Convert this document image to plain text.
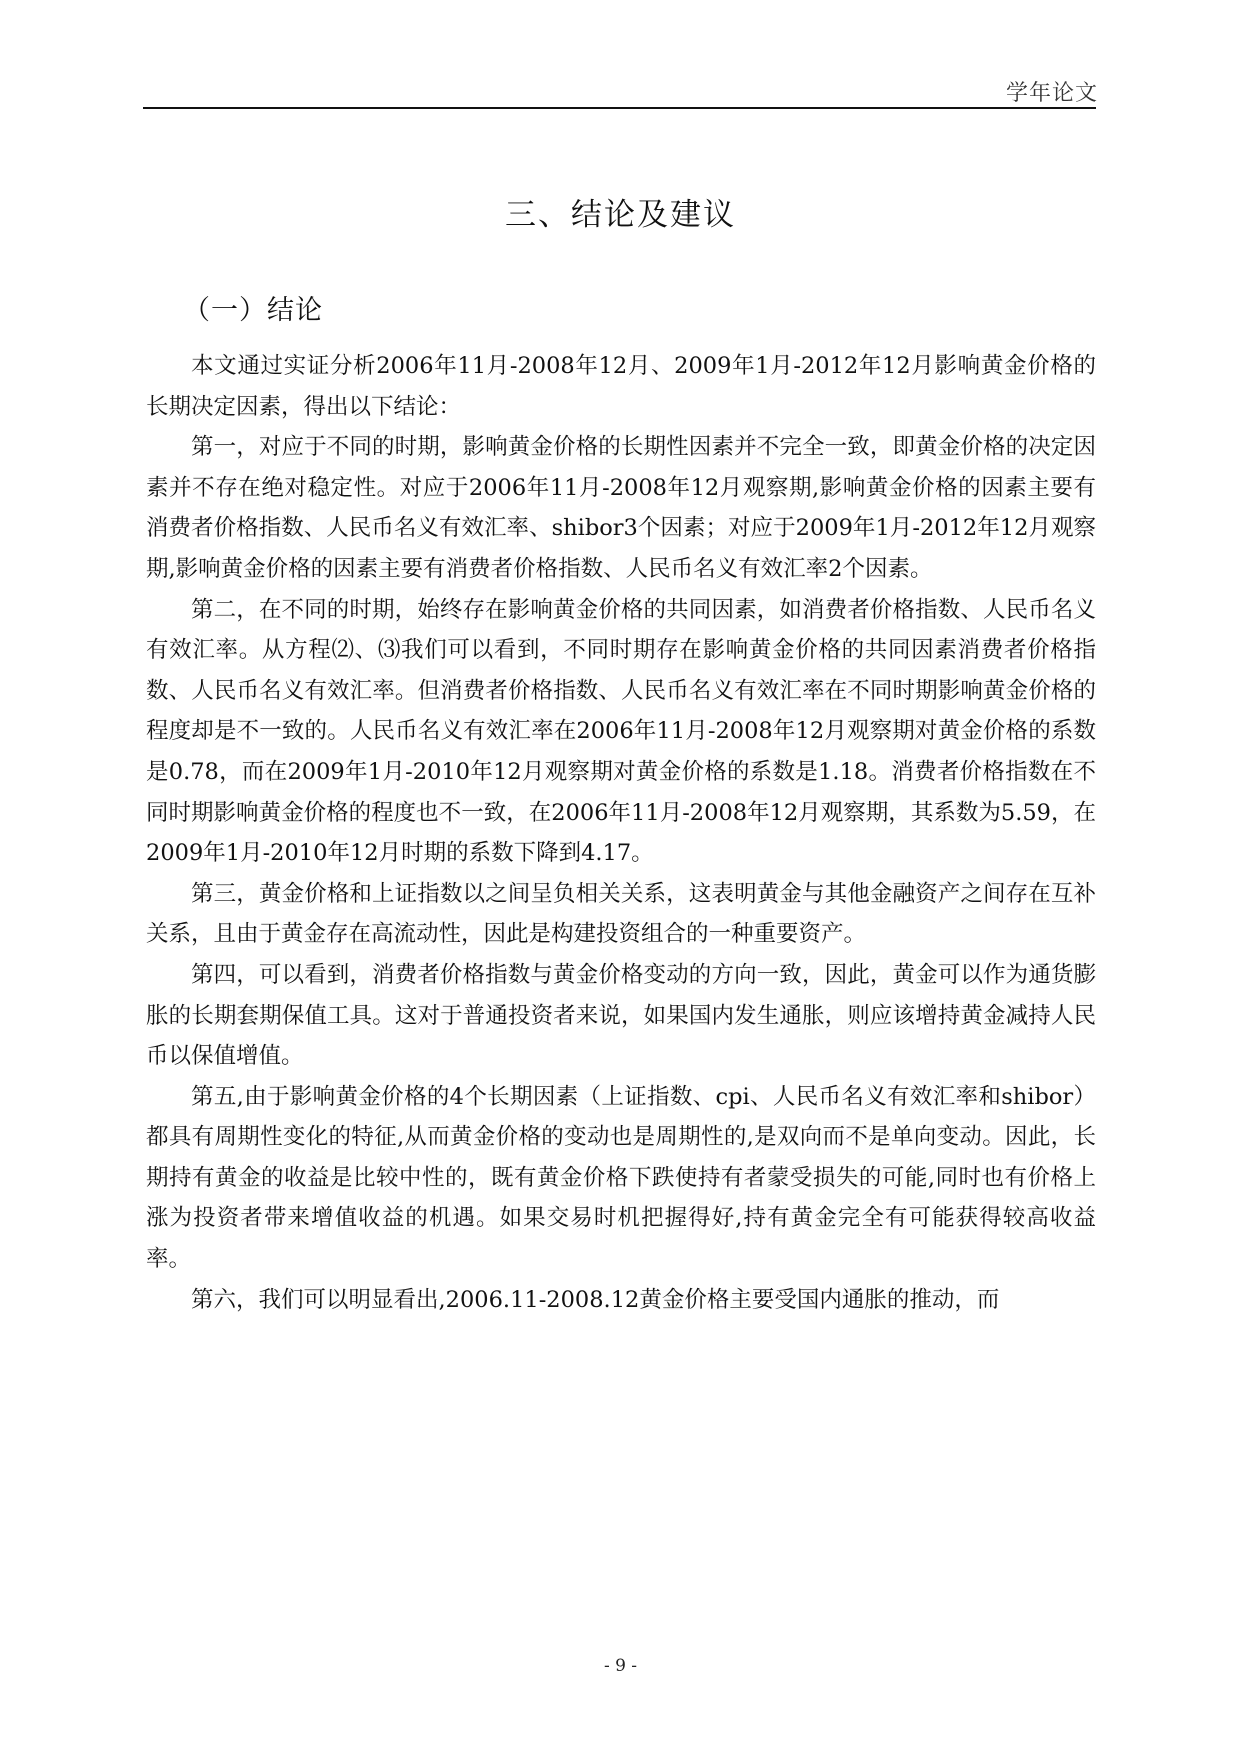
学年论文
三、结论及建议
（一）结论

本文通过实证分析2006年11月-2008年12月、2009年1月-2012年12月影响黄金价格的长期决定因素，得出以下结论：

第一，对应于不同的时期，影响黄金价格的长期性因素并不完全一致，即黄金价格的决定因素并不存在绝对稳定性。对应于2006年11月-2008年12月观察期,影响黄金价格的因素主要有消费者价格指数、人民币名义有效汇率、shibor3个因素；对应于2009年1月-2012年12月观察期,影响黄金价格的因素主要有消费者价格指数、人民币名义有效汇率2个因素。

第二，在不同的时期，始终存在影响黄金价格的共同因素，如消费者价格指数、人民币名义有效汇率。从方程⑵、⑶我们可以看到，不同时期存在影响黄金价格的共同因素消费者价格指数、人民币名义有效汇率。但消费者价格指数、人民币名义有效汇率在不同时期影响黄金价格的程度却是不一致的。人民币名义有效汇率在2006年11月-2008年12月观察期对黄金价格的系数是0.78，而在2009年1月-2010年12月观察期对黄金价格的系数是1.18。消费者价格指数在不同时期影响黄金价格的程度也不一致，在2006年11月-2008年12月观察期，其系数为5.59，在2009年1月-2010年12月时期的系数下降到4.17。

第三，黄金价格和上证指数以之间呈负相关关系，这表明黄金与其他金融资产之间存在互补关系，且由于黄金存在高流动性，因此是构建投资组合的一种重要资产。

第四，可以看到，消费者价格指数与黄金价格变动的方向一致，因此，黄金可以作为通货膨胀的长期套期保值工具。这对于普通投资者来说，如果国内发生通胀，则应该增持黄金减持人民币以保值增值。

第五,由于影响黄金价格的4个长期因素（上证指数、cpi、人民币名义有效汇率和shibor）都具有周期性变化的特征,从而黄金价格的变动也是周期性的,是双向而不是单向变动。因此，长期持有黄金的收益是比较中性的，既有黄金价格下跌使持有者蒙受损失的可能,同时也有价格上涨为投资者带来增值收益的机遇。如果交易时机把握得好,持有黄金完全有可能获得较高收益率。

第六，我们可以明显看出,2006.11-2008.12黄金价格主要受国内通胀的推动，而

- 9 -
